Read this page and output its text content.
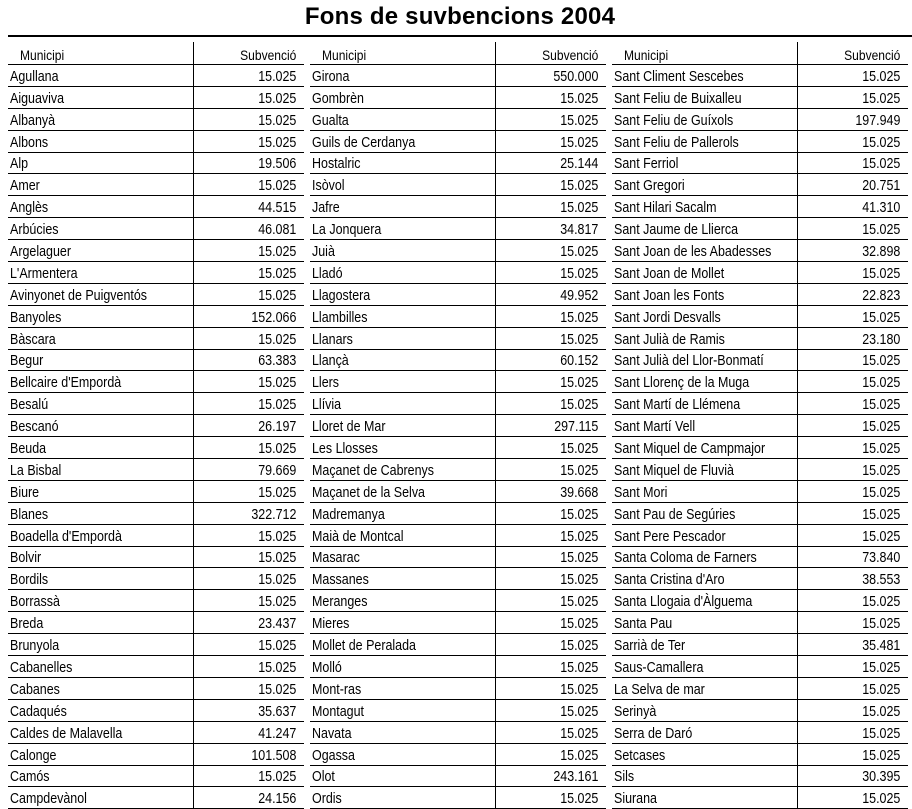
Fons de suvbencions 2004
Municipi	Subvenció
Agullana	15.025
Aiguaviva	15.025
Albanyà	15.025
Albons	15.025
Alp	19.506
Amer	15.025
Anglès	44.515
Arbúcies	46.081
Argelaguer	15.025
L'Armentera	15.025
Avinyonet de Puigventós	15.025
Banyoles	152.066
Bàscara	15.025
Begur	63.383
Bellcaire d'Empordà	15.025
Besalú	15.025
Bescanó	26.197
Beuda	15.025
La Bisbal	79.669
Biure	15.025
Blanes	322.712
Boadella d'Empordà	15.025
Bolvir	15.025
Bordils	15.025
Borrassà	15.025
Breda	23.437
Brunyola	15.025
Cabanelles	15.025
Cabanes	15.025
Cadaqués	35.637
Caldes de Malavella	41.247
Calonge	101.508
Camós	15.025
Campdevànol	24.156
Municipi	Subvenció
Girona	550.000
Gombrèn	15.025
Gualta	15.025
Guils de Cerdanya	15.025
Hostalric	25.144
Isòvol	15.025
Jafre	15.025
La Jonquera	34.817
Juià	15.025
Lladó	15.025
Llagostera	49.952
Llambilles	15.025
Llanars	15.025
Llançà	60.152
Llers	15.025
Llívia	15.025
Lloret de Mar	297.115
Les Llosses	15.025
Maçanet de Cabrenys	15.025
Maçanet de la Selva	39.668
Madremanya	15.025
Maià de Montcal	15.025
Masarac	15.025
Massanes	15.025
Meranges	15.025
Mieres	15.025
Mollet de Peralada	15.025
Molló	15.025
Mont-ras	15.025
Montagut	15.025
Navata	15.025
Ogassa	15.025
Olot	243.161
Ordis	15.025
Municipi	Subvenció
Sant Climent Sescebes	15.025
Sant Feliu de Buixalleu	15.025
Sant Feliu de Guíxols	197.949
Sant Feliu de Pallerols	15.025
Sant Ferriol	15.025
Sant Gregori	20.751
Sant Hilari Sacalm	41.310
Sant Jaume de Llierca	15.025
Sant Joan de les Abadesses	32.898
Sant Joan de Mollet	15.025
Sant Joan les Fonts	22.823
Sant Jordi Desvalls	15.025
Sant Julià de Ramis	23.180
Sant Julià del Llor-Bonmatí	15.025
Sant Llorenç de la Muga	15.025
Sant Martí de Llémena	15.025
Sant Martí Vell	15.025
Sant Miquel de Campmajor	15.025
Sant Miquel de Fluvià	15.025
Sant Mori	15.025
Sant Pau de Segúries	15.025
Sant Pere Pescador	15.025
Santa Coloma de Farners	73.840
Santa Cristina d'Aro	38.553
Santa Llogaia d'Àlguema	15.025
Santa Pau	15.025
Sarrià de Ter	35.481
Saus-Camallera	15.025
La Selva de mar	15.025
Serinyà	15.025
Serra de Daró	15.025
Setcases	15.025
Sils	30.395
Siurana	15.025
